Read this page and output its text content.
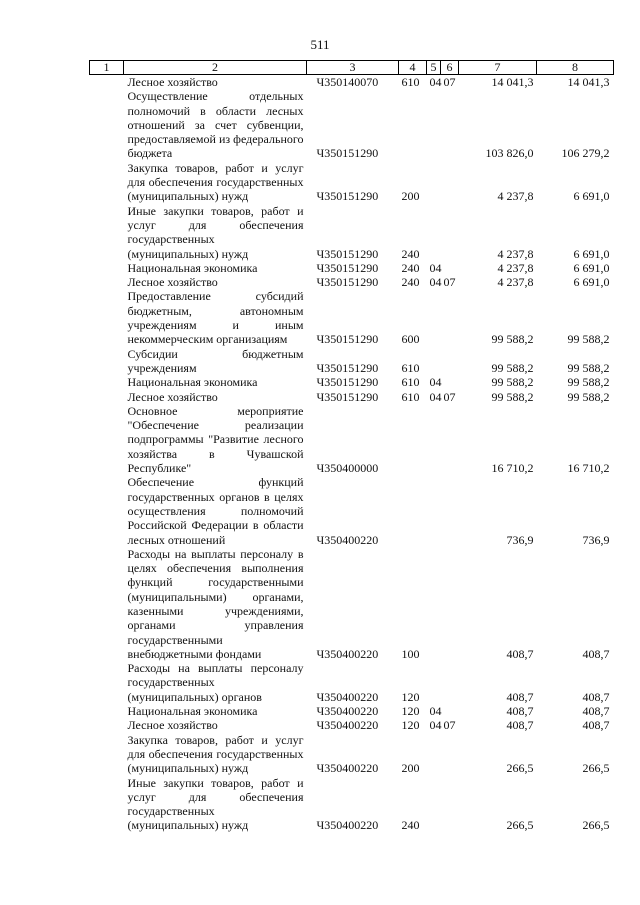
511
1	2	3	4	5	6	7	8
	Лесное хозяйство	Ч350140070	610	04	07	14 041,3	14 041,3
	Осуществление отдельных полномочий в области лесных отношений за счет субвенции, предоставляемой из федерального бюджета	Ч350151290				103 826,0	106 279,2
	Закупка товаров, работ и услуг для обеспечения государственных (муниципальных) нужд	Ч350151290	200			4 237,8	6 691,0
	Иные закупки товаров, работ и услуг для обеспечения государственных (муниципальных) нужд	Ч350151290	240			4 237,8	6 691,0
	Национальная экономика	Ч350151290	240	04		4 237,8	6 691,0
	Лесное хозяйство	Ч350151290	240	04	07	4 237,8	6 691,0
	Предоставление субсидий бюджетным, автономным учреждениям и иным некоммерческим организациям	Ч350151290	600			99 588,2	99 588,2
	Субсидии бюджетным учреждениям	Ч350151290	610			99 588,2	99 588,2
	Национальная экономика	Ч350151290	610	04		99 588,2	99 588,2
	Лесное хозяйство	Ч350151290	610	04	07	99 588,2	99 588,2
	Основное мероприятие "Обеспечение реализации подпрограммы "Развитие лесного хозяйства в Чувашской Республике"	Ч350400000				16 710,2	16 710,2
	Обеспечение функций государственных органов в целях осуществления полномочий Российской Федерации в области лесных отношений	Ч350400220				736,9	736,9
	Расходы на выплаты персоналу в целях обеспечения выполнения функций государственными (муниципальными) органами, казенными учреждениями, органами управления государственными внебюджетными фондами	Ч350400220	100			408,7	408,7
	Расходы на выплаты персоналу государственных (муниципальных) органов	Ч350400220	120			408,7	408,7
	Национальная экономика	Ч350400220	120	04		408,7	408,7
	Лесное хозяйство	Ч350400220	120	04	07	408,7	408,7
	Закупка товаров, работ и услуг для обеспечения государственных (муниципальных) нужд	Ч350400220	200			266,5	266,5
	Иные закупки товаров, работ и услуг для обеспечения государственных (муниципальных) нужд	Ч350400220	240			266,5	266,5
